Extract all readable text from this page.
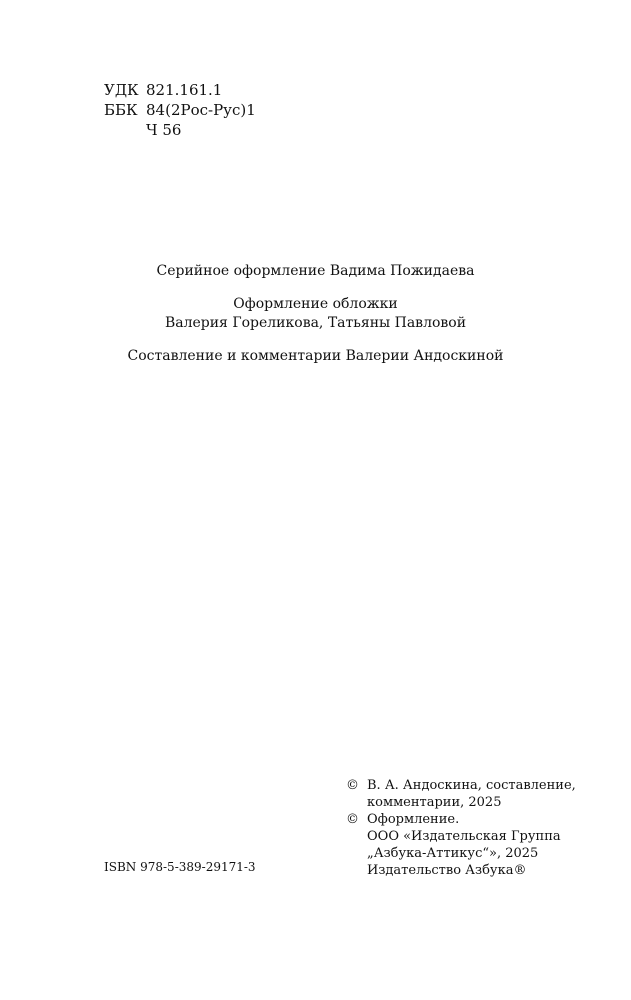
УДК 821.161.1
ББК 84(2Рос-Рус)1
Ч 56

Серийное оформление Вадима Пожидаева

Оформление обложки

Валерия Гореликова, Татьяны Павловой

Составление и комментарии Валерии Андоскиной

© В. А. Андоскина, составление,
комментарии, 2025
© Оформление.
ООО «Издательская Группа
„Азбука-Аттикус“», 2025
Издательство Азбука®
ISBN 978-5-389-29171-3
